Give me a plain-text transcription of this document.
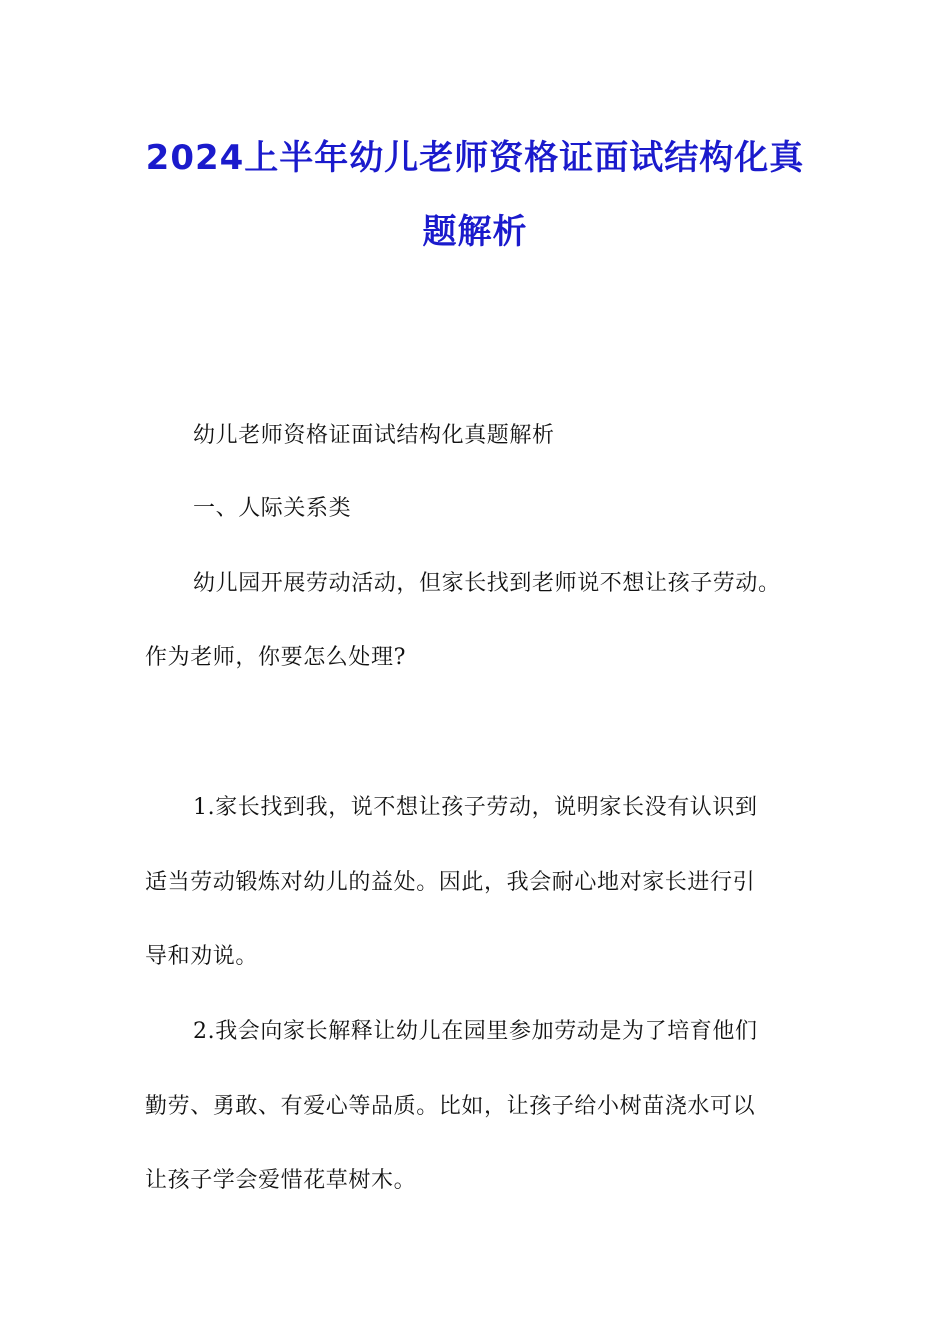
2024上半年幼儿老师资格证面试结构化真
题解析
幼儿老师资格证面试结构化真题解析
一、人际关系类
幼儿园开展劳动活动，但家长找到老师说不想让孩子劳动。
作为老师，你要怎么处理?
1.家长找到我，说不想让孩子劳动，说明家长没有认识到
适当劳动锻炼对幼儿的益处。因此，我会耐心地对家长进行引
导和劝说。
2.我会向家长解释让幼儿在园里参加劳动是为了培育他们
勤劳、勇敢、有爱心等品质。比如，让孩子给小树苗浇水可以
让孩子学会爱惜花草树木。
